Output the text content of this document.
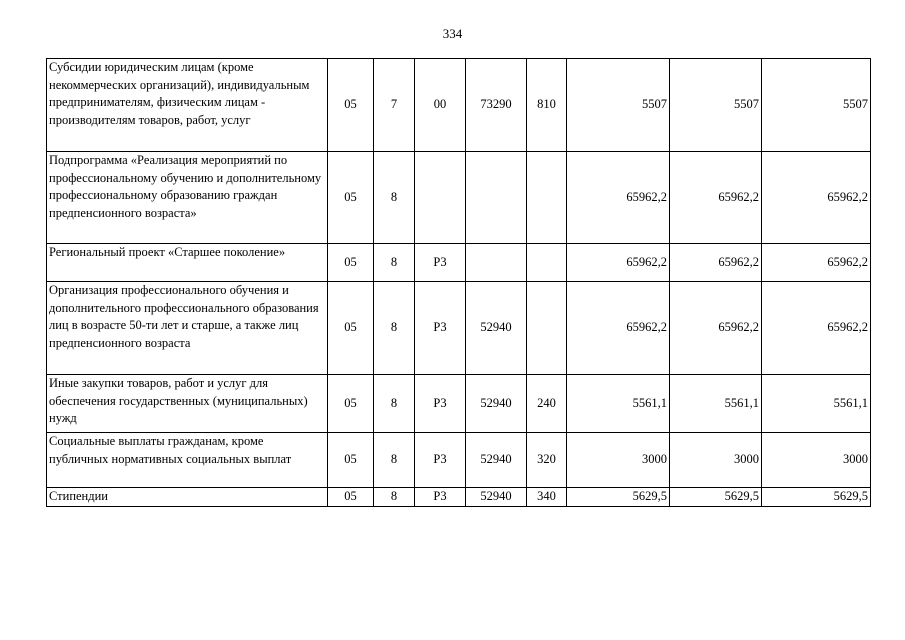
334
Субсидии юридическим лицам (кроме некоммерческих организаций), индивидуальным предпринимателям, физическим лицам - производителям товаров, работ, услуг	05	7	00	73290	810	5507	5507	5507
Подпрограмма «Реализация мероприятий по профессиональному обучению и дополнительному профессиональному образованию граждан предпенсионного возраста»	05	8				65962,2	65962,2	65962,2
Региональный проект «Старшее поколение»	05	8	Р3			65962,2	65962,2	65962,2
Организация профессионального обучения и дополнительного профессионального образования лиц в возрасте 50-ти лет и старше, а также лиц предпенсионного возраста	05	8	Р3	52940		65962,2	65962,2	65962,2
Иные закупки товаров, работ и услуг для обеспечения государственных (муниципальных) нужд	05	8	Р3	52940	240	5561,1	5561,1	5561,1
Социальные выплаты гражданам, кроме публичных нормативных социальных выплат	05	8	Р3	52940	320	3000	3000	3000
Стипендии	05	8	Р3	52940	340	5629,5	5629,5	5629,5
